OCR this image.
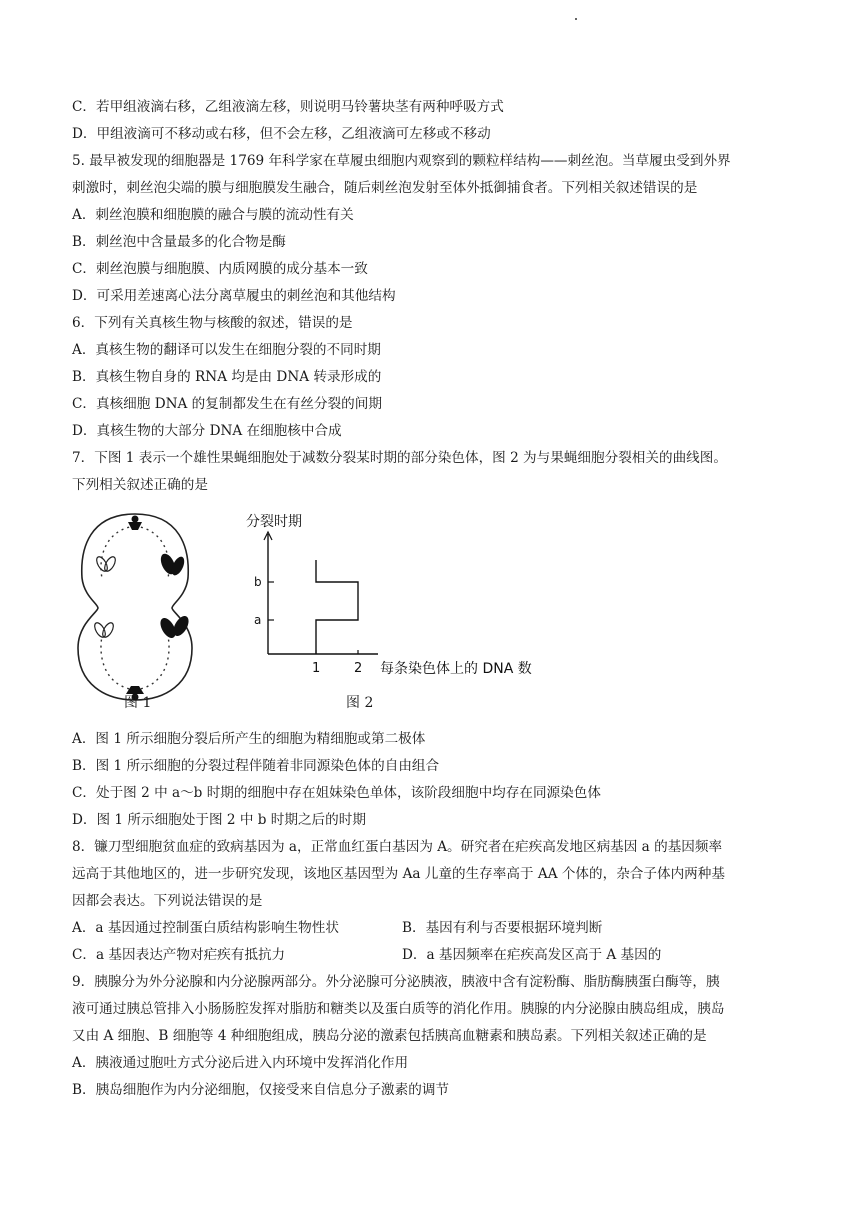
C．若甲组液滴右移，乙组液滴左移，则说明马铃薯块茎有两种呼吸方式
D．甲组液滴可不移动或右移，但不会左移，乙组液滴可左移或不移动
5. 最早被发现的细胞器是 1769 年科学家在草履虫细胞内观察到的颗粒样结构——刺丝泡。当草履虫受到外界
刺激时，刺丝泡尖端的膜与细胞膜发生融合，随后刺丝泡发射至体外抵御捕食者。下列相关叙述错误的是
A．刺丝泡膜和细胞膜的融合与膜的流动性有关
B．刺丝泡中含量最多的化合物是酶
C．刺丝泡膜与细胞膜、内质网膜的成分基本一致
D．可采用差速离心法分离草履虫的刺丝泡和其他结构
6．下列有关真核生物与核酸的叙述，错误的是
A．真核生物的翻译可以发生在细胞分裂的不同时期
B．真核生物自身的 RNA 均是由 DNA 转录形成的
C．真核细胞 DNA 的复制都发生在有丝分裂的间期
D．真核生物的大部分 DNA 在细胞核中合成
7．下图 1 表示一个雄性果蝇细胞处于减数分裂某时期的部分染色体，图 2 为与果蝇细胞分裂相关的曲线图。
下列相关叙述正确的是
图 1
分裂时期
b
a
1	2 每条染色体上的 DNA 数
图 2
A．图 1 所示细胞分裂后所产生的细胞为精细胞或第二极体
B．图 1 所示细胞的分裂过程伴随着非同源染色体的自由组合
C．处于图 2 中 a～b 时期的细胞中存在姐妹染色单体，该阶段细胞中均存在同源染色体
D．图 1 所示细胞处于图 2 中 b 时期之后的时期
8．镰刀型细胞贫血症的致病基因为 a，正常血红蛋白基因为 A。研究者在疟疾高发地区病基因 a 的基因频率
远高于其他地区的，进一步研究发现，该地区基因型为 Aa 儿童的生存率高于 AA 个体的，杂合子体内两种基
因都会表达。下列说法错误的是
A．a 基因通过控制蛋白质结构影响生物性状	B．基因有利与否要根据环境判断
C．a 基因表达产物对疟疾有抵抗力	D．a 基因频率在疟疾高发区高于 A 基因的
9．胰腺分为外分泌腺和内分泌腺两部分。外分泌腺可分泌胰液，胰液中含有淀粉酶、脂肪酶胰蛋白酶等，胰
液可通过胰总管排入小肠肠腔发挥对脂肪和糖类以及蛋白质等的消化作用。胰腺的内分泌腺由胰岛组成，胰岛
又由 A 细胞、B 细胞等 4 种细胞组成，胰岛分泌的激素包括胰高血糖素和胰岛素。下列相关叙述正确的是
A．胰液通过胞吐方式分泌后进入内环境中发挥消化作用
B．胰岛细胞作为内分泌细胞，仅接受来自信息分子激素的调节
